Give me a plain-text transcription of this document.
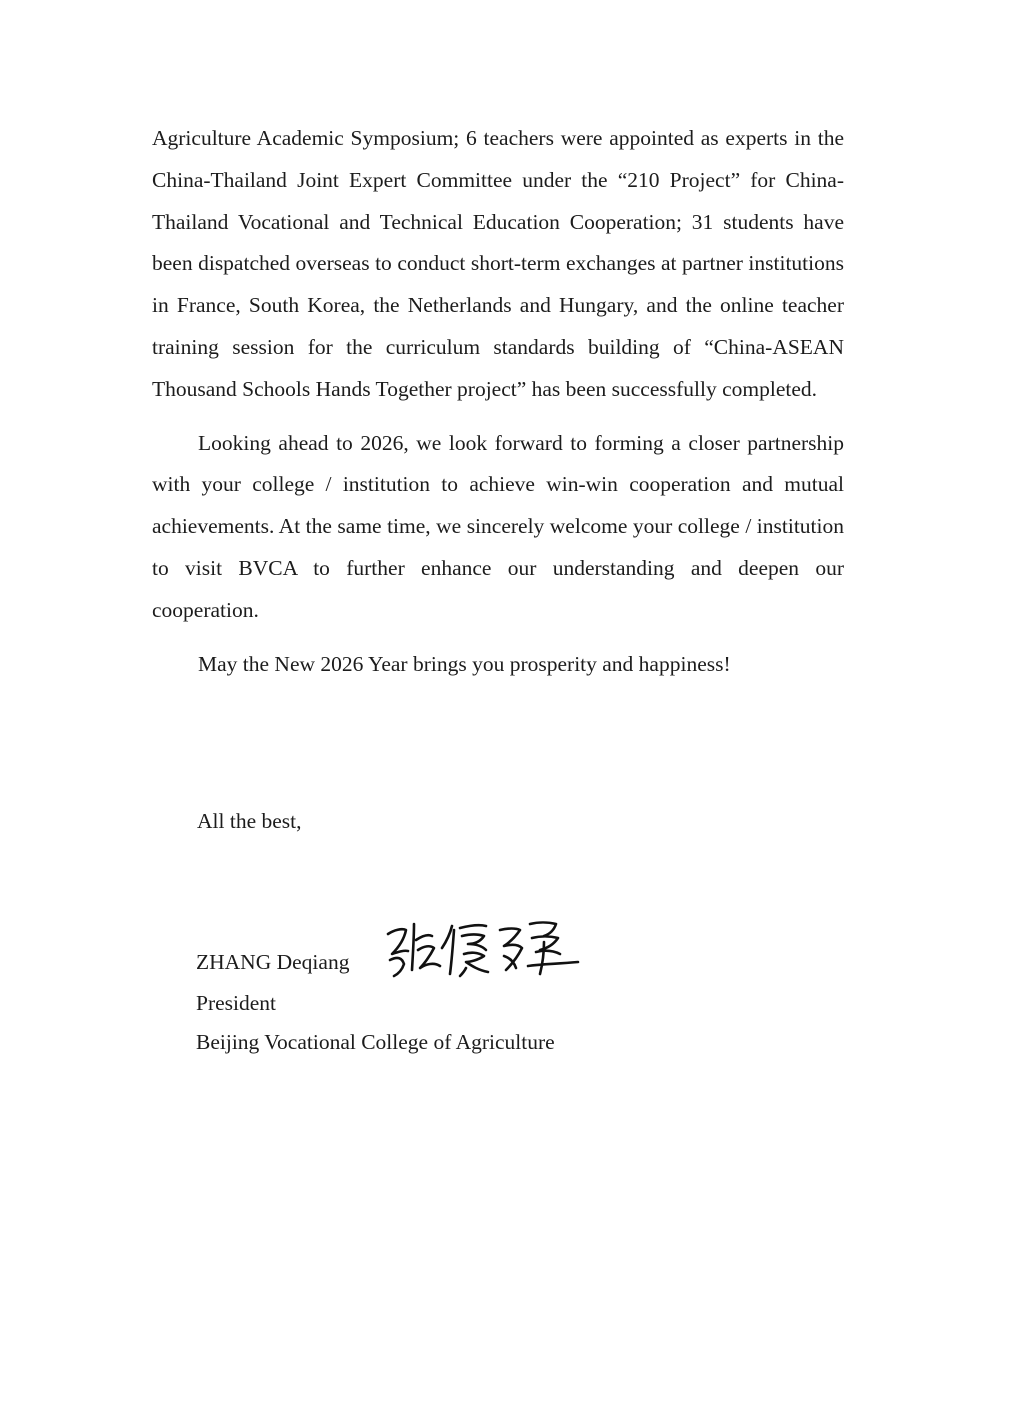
Agriculture Academic Symposium; 6 teachers were appointed as experts in the China-Thailand Joint Expert Committee under the “210 Project” for China-Thailand Vocational and Technical Education Cooperation; 31 students have been dispatched overseas to conduct short-term exchanges at partner institutions in France, South Korea, the Netherlands and Hungary, and the online teacher training session for the curriculum standards building of “China-ASEAN Thousand Schools Hands Together project” has been successfully completed.

Looking ahead to 2026, we look forward to forming a closer partnership with your college / institution to achieve win-win cooperation and mutual achievements. At the same time, we sincerely welcome your college / institution to visit BVCA to further enhance our understanding and deepen our cooperation.

May the New 2026 Year brings you prosperity and happiness!

All the best,
ZHANG Deqiang
President
Beijing Vocational College of Agriculture
